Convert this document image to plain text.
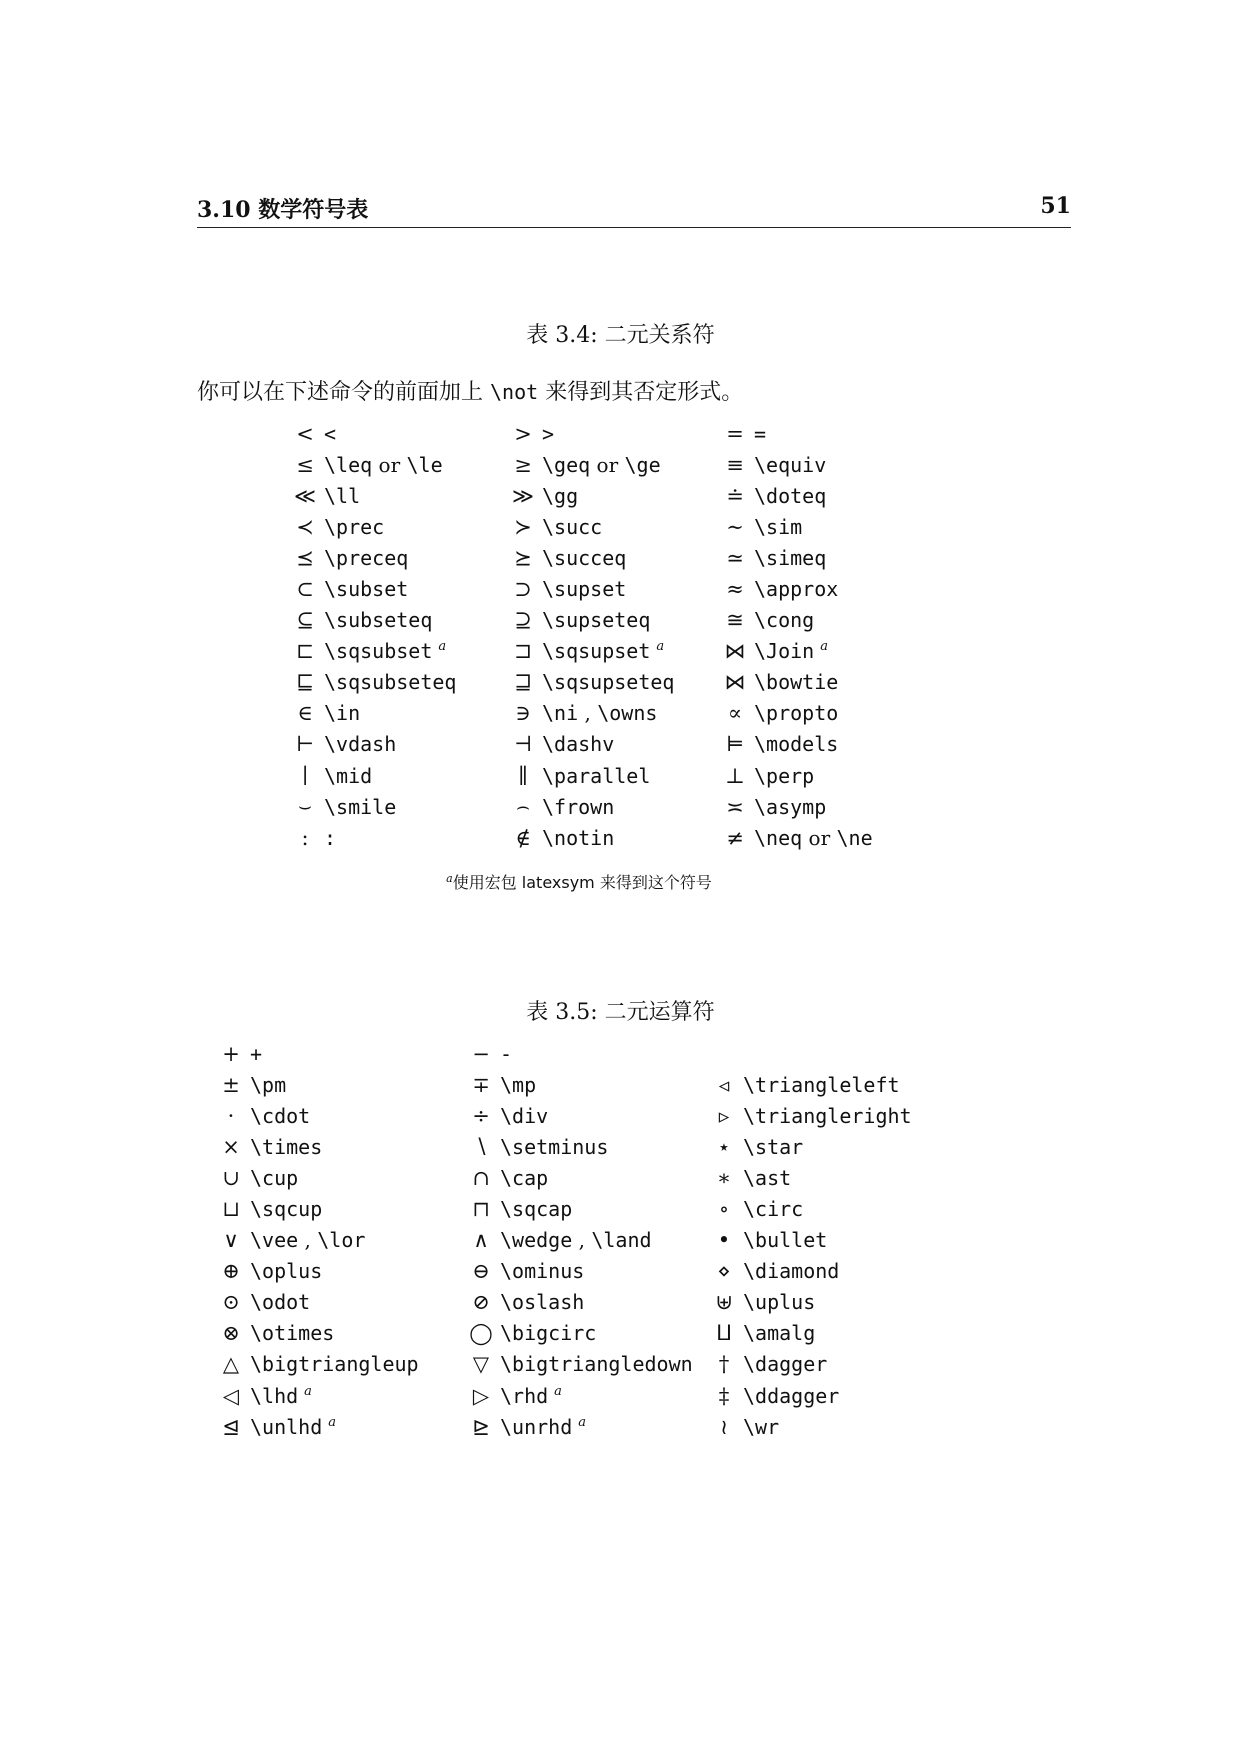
3.10 数学符号表	51
表 3.4: 二元关系符
你可以在下述命令的前面加上 \not 来得到其否定形式。
<	<	>	>	=	=
≤	\leq or \le	≥	\geq or \ge	≡	\equiv
≪	\ll	≫	\gg	≐	\doteq
≺	\prec	≻	\succ	∼	\sim
⪯	\preceq	⪰	\succeq	≃	\simeq
⊂	\subset	⊃	\supset	≈	\approx
⊆	\subseteq	⊇	\supseteq	≅	\cong
⊏	\sqsubset $^a$	⊐	\sqsupset $^a$	⋈	\Join $^a$
⊑	\sqsubseteq	⊒	\sqsupseteq	⋈	\bowtie
∈	\in	∋	\ni , \owns	∝	\propto
⊢	\vdash	⊣	\dashv	⊨	\models
∣	\mid	∥	\parallel	⊥	\perp
⌣	\smile	⌢	\frown	≍	\asymp
:	:	∉	\notin	≠	\neq or \ne
$^a$使用宏包 latexsym 来得到这个符号
表 3.5: 二元运算符
+	+	−	-		
±	\pm	∓	\mp	◃	\triangleleft
·	\cdot	÷	\div	▹	\triangleright
×	\times	∖	\setminus	⋆	\star
∪	\cup	∩	\cap	∗	\ast
⊔	\sqcup	⊓	\sqcap	∘	\circ
∨	\vee , \lor	∧	\wedge , \land	•	\bullet
⊕	\oplus	⊖	\ominus	⋄	\diamond
⊙	\odot	⊘	\oslash	⊎	\uplus
⊗	\otimes	◯	\bigcirc	⨿	\amalg
△	\bigtriangleup	▽	\bigtriangledown	†	\dagger
◁	\lhd $^a$	▷	\rhd $^a$	‡	\ddagger
⊴	\unlhd $^a$	⊵	\unrhd $^a$	≀	\wr
